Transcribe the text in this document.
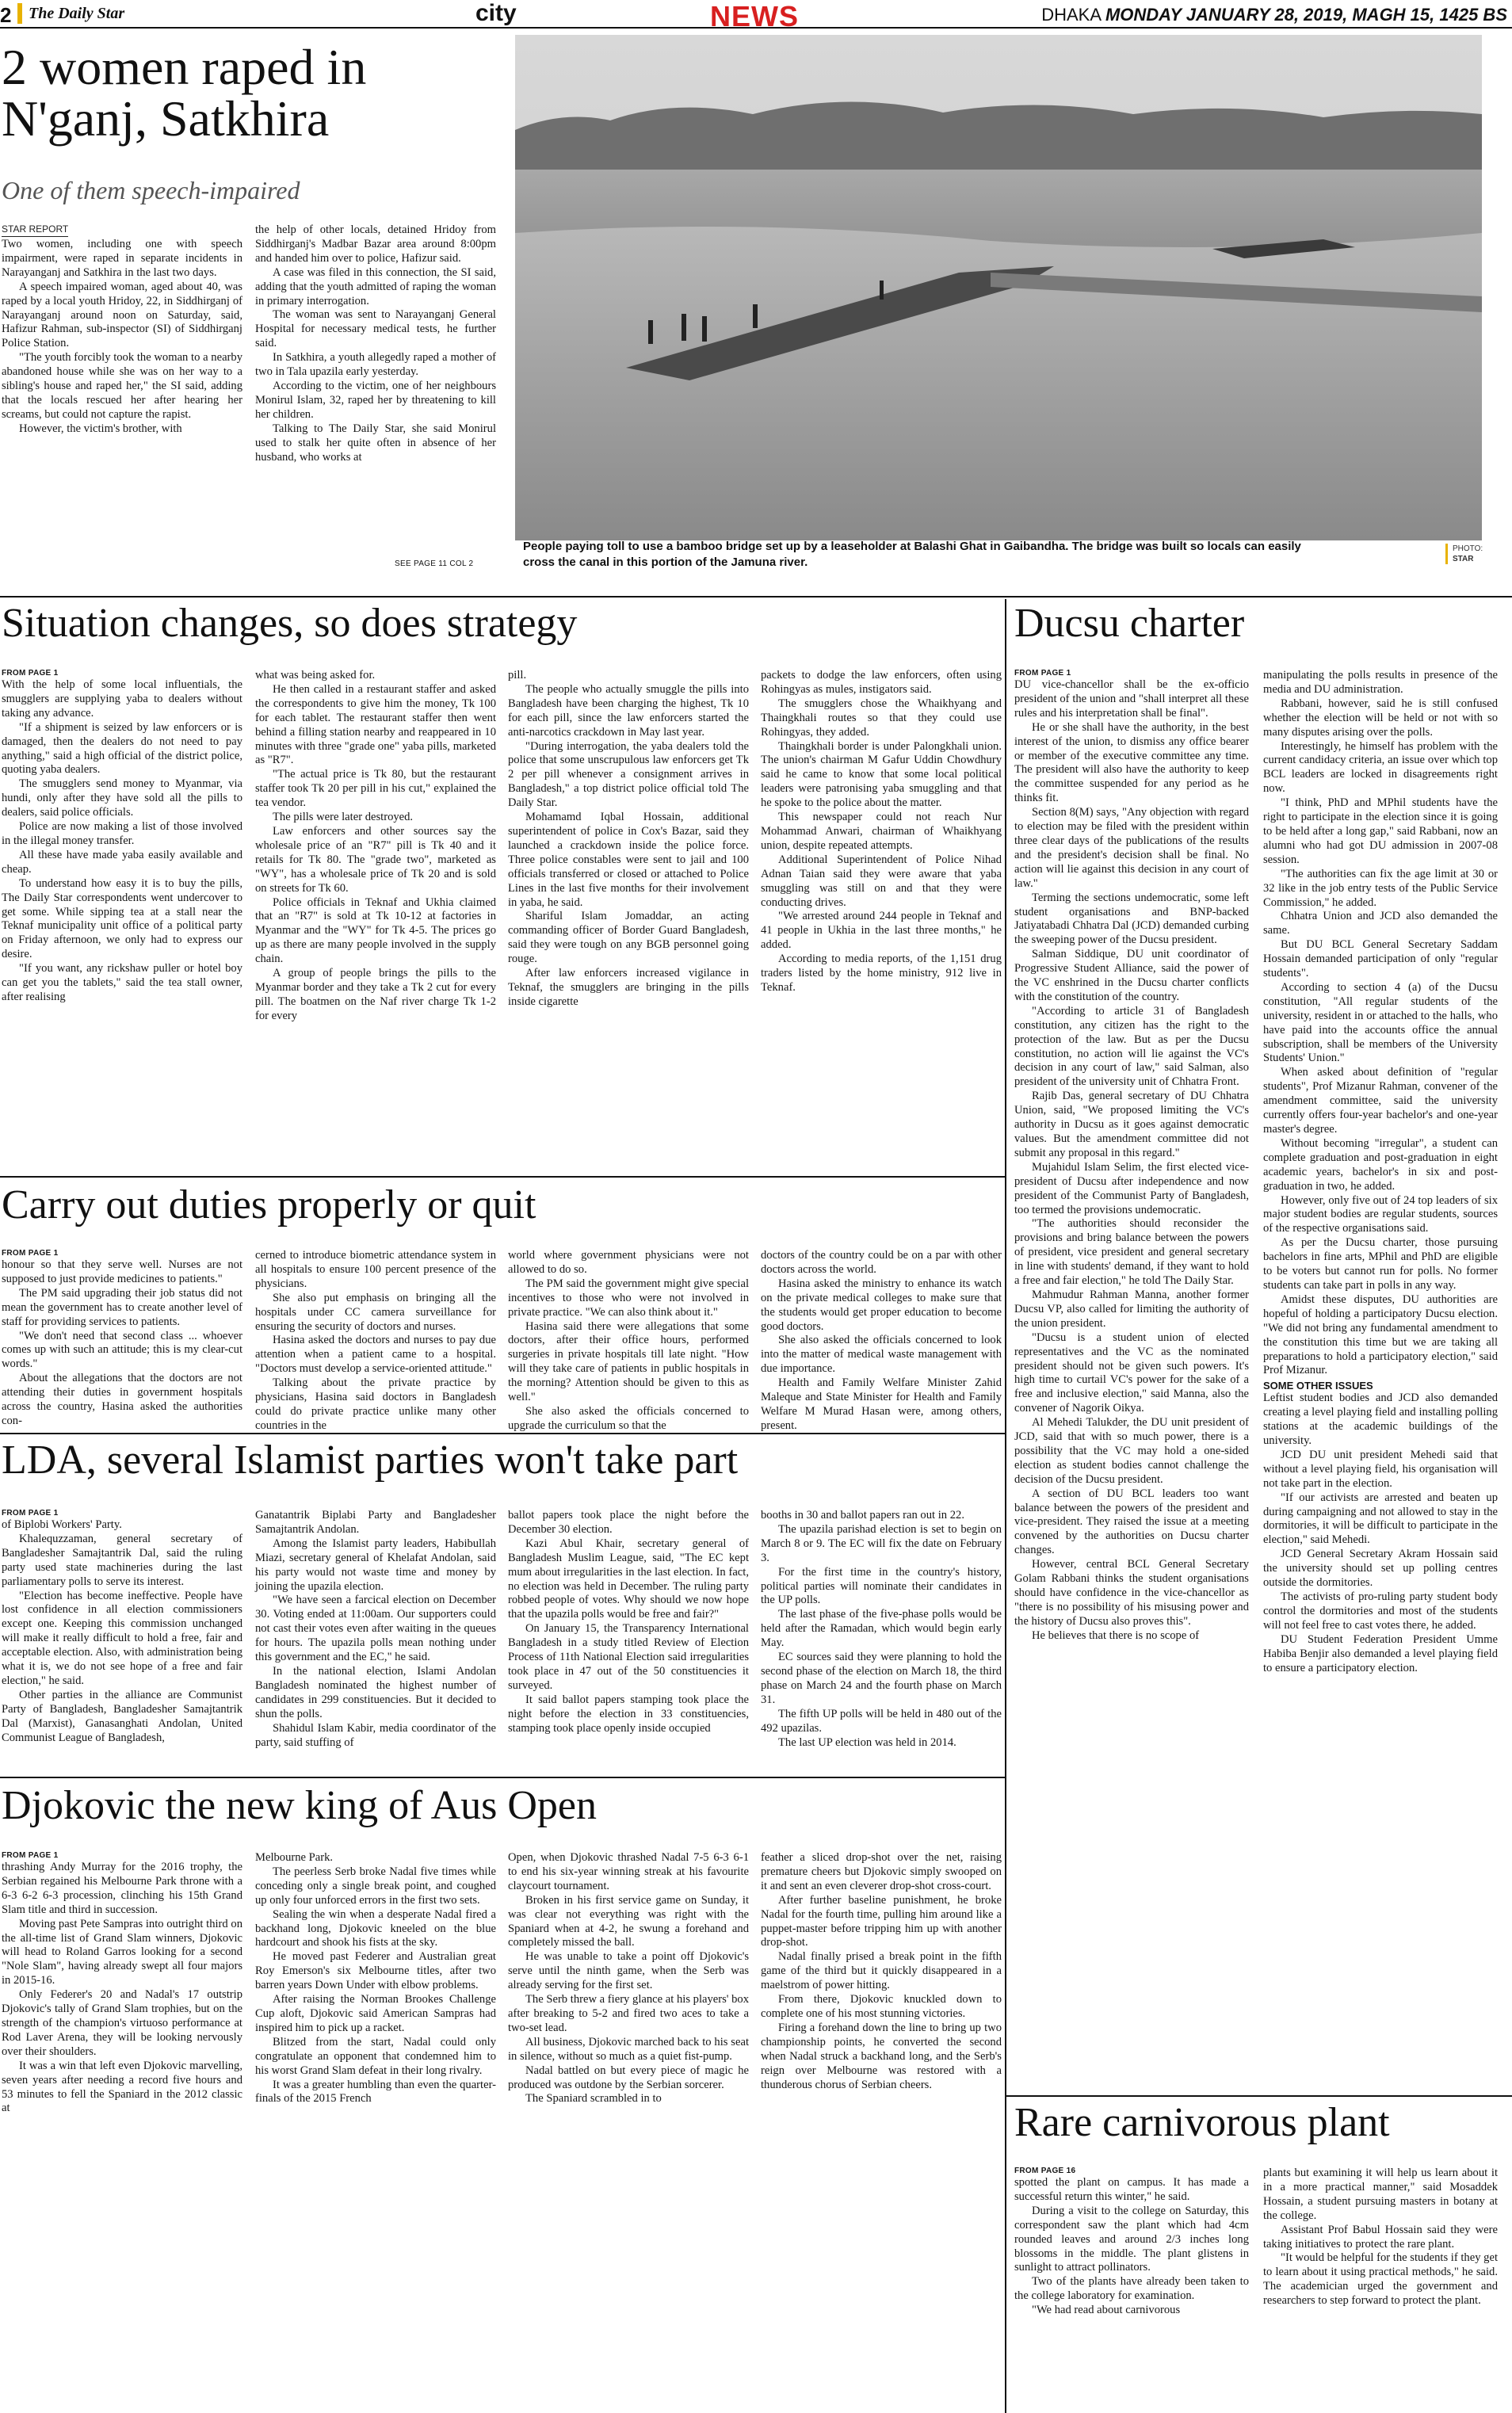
2 The Daily Star	city	NEWS	DHAKA MONDAY JANUARY 28, 2019, MAGH 15, 1425 BS
2 women raped in N'ganj, Satkhira
One of them speech-impaired
STAR REPORT

Two women, including one with speech impairment, were raped in separate incidents in Narayanganj and Satkhira in the last two days.

A speech impaired woman, aged about 40, was raped by a local youth Hridoy, 22, in Siddhirganj of Narayanganj around noon on Saturday, said, Hafizur Rahman, sub-inspector (SI) of Siddhirganj Police Station.

"The youth forcibly took the woman to a nearby abandoned house while she was on her way to a sibling's house and raped her," the SI said, adding that the locals rescued her after hearing her screams, but could not capture the rapist.

However, the victim's brother, with

the help of other locals, detained Hridoy from Siddhirganj's Madbar Bazar area around 8:00pm and handed him over to police, Hafizur said.

A case was filed in this connection, the SI said, adding that the youth admitted of raping the woman in primary interrogation.

The woman was sent to Narayanganj General Hospital for necessary medical tests, he further said.

In Satkhira, a youth allegedly raped a mother of two in Tala upazila early yesterday.

According to the victim, one of her neighbours Monirul Islam, 32, raped her by threatening to kill her children.

Talking to The Daily Star, she said Monirul used to stalk her quite often in absence of her husband, who works at

SEE PAGE 11 COL 2
People paying toll to use a bamboo bridge set up by a leaseholder at Balashi Ghat in Gaibandha. The bridge was built so locals can easily cross the canal in this portion of the Jamuna river.
PHOTO:
STAR
Situation changes, so does strategy
FROM PAGE 1

With the help of some local influentials, the smugglers are supplying yaba to dealers without taking any advance.

"If a shipment is seized by law enforcers or is damaged, then the dealers do not need to pay anything," said a high official of the district police, quoting yaba dealers.

The smugglers send money to Myanmar, via hundi, only after they have sold all the pills to dealers, said police officials.

Police are now making a list of those involved in the illegal money transfer.

All these have made yaba easily available and cheap.

To understand how easy it is to buy the pills, The Daily Star correspondents went undercover to get some. While sipping tea at a stall near the Teknaf municipality unit office of a political party on Friday afternoon, we only had to express our desire.

"If you want, any rickshaw puller or hotel boy can get you the tablets," said the tea stall owner, after realising

what was being asked for.

He then called in a restaurant staffer and asked the correspondents to give him the money, Tk 100 for each tablet. The restaurant staffer then went behind a filling station nearby and reappeared in 10 minutes with three "grade one" yaba pills, marketed as "R7".

"The actual price is Tk 80, but the restaurant staffer took Tk 20 per pill in his cut," explained the tea vendor.

The pills were later destroyed.

Law enforcers and other sources say the wholesale price of an "R7" pill is Tk 40 and it retails for Tk 80. The "grade two", marketed as "WY", has a wholesale price of Tk 20 and is sold on streets for Tk 60.

Police officials in Teknaf and Ukhia claimed that an "R7" is sold at Tk 10-12 at factories in Myanmar and the "WY" for Tk 4-5. The prices go up as there are many people involved in the supply chain.

A group of people brings the pills to the Myanmar border and they take a Tk 2 cut for every pill. The boatmen on the Naf river charge Tk 1-2 for every

pill.

The people who actually smuggle the pills into Bangladesh have been charging the highest, Tk 10 for each pill, since the law enforcers started the anti-narcotics crackdown in May last year.

"During interrogation, the yaba dealers told the police that some unscrupulous law enforcers get Tk 2 per pill whenever a consignment arrives in Bangladesh," a top district police official told The Daily Star.

Mohamamd Iqbal Hossain, additional superintendent of police in Cox's Bazar, said they launched a crackdown inside the police force. Three police constables were sent to jail and 100 officials transferred or closed or attached to Police Lines in the last five months for their involvement in yaba, he said.

Shariful Islam Jomaddar, an acting commanding officer of Border Guard Bangladesh, said they were tough on any BGB personnel going rouge.

After law enforcers increased vigilance in Teknaf, the smugglers are bringing in the pills inside cigarette

packets to dodge the law enforcers, often using Rohingyas as mules, instigators said.

The smugglers chose the Whaikhyang and Thaingkhali routes so that they could use Rohingyas, they added.

Thaingkhali border is under Palongkhali union. The union's chairman M Gafur Uddin Chowdhury said he came to know that some local political leaders were patronising yaba smuggling and that he spoke to the police about the matter.

This newspaper could not reach Nur Mohammad Anwari, chairman of Whaikhyang union, despite repeated attempts.

Additional Superintendent of Police Nihad Adnan Taian said they were aware that yaba smuggling was still on and that they were conducting drives.

"We arrested around 244 people in Teknaf and 41 people in Ukhia in the last three months," he added.

According to media reports, of the 1,151 drug traders listed by the home ministry, 912 live in Teknaf.

Carry out duties properly or quit
FROM PAGE 1

honour so that they serve well. Nurses are not supposed to just provide medicines to patients."

The PM said upgrading their job status did not mean the government has to create another level of staff for providing services to patients.

"We don't need that second class ... whoever comes up with such an attitude; this is my clear-cut words."

About the allegations that the doctors are not attending their duties in government hospitals across the country, Hasina asked the authorities con-

cerned to introduce biometric attendance system in all hospitals to ensure 100 percent presence of the physicians.

She also put emphasis on bringing all the hospitals under CC camera surveillance for ensuring the security of doctors and nurses.

Hasina asked the doctors and nurses to pay due attention when a patient came to a hospital. "Doctors must develop a service-oriented attitude."

Talking about the private practice by physicians, Hasina said doctors in Bangladesh could do private practice unlike many other countries in the

world where government physicians were not allowed to do so.

The PM said the government might give special incentives to those who were not involved in private practice. "We can also think about it."

Hasina said there were allegations that some doctors, after their office hours, performed surgeries in private hospitals till late night. "How will they take care of patients in public hospitals in the morning? Attention should be given to this as well."

She also asked the officials concerned to upgrade the curriculum so that the

doctors of the country could be on a par with other doctors across the world.

Hasina asked the ministry to enhance its watch on the private medical colleges to make sure that the students would get proper education to become good doctors.

She also asked the officials concerned to look into the matter of medical waste management with due importance.

Health and Family Welfare Minister Zahid Maleque and State Minister for Health and Family Welfare M Murad Hasan were, among others, present.

LDA, several Islamist parties won't take part
FROM PAGE 1

of Biplobi Workers' Party.

Khalequzzaman, general secretary of Bangladesher Samajtantrik Dal, said the ruling party used state machineries during the last parliamentary polls to serve its interest.

"Election has become ineffective. People have lost confidence in all election commissioners except one. Keeping this commission unchanged will make it really difficult to hold a free, fair and acceptable election. Also, with administration being what it is, we do not see hope of a free and fair election," he said.

Other parties in the alliance are Communist Party of Bangladesh, Bangladesher Samajtantrik Dal (Marxist), Ganasanghati Andolan, United Communist League of Bangladesh,

Ganatantrik Biplabi Party and Bangladesher Samajtantrik Andolan.

Among the Islamist party leaders, Habibullah Miazi, secretary general of Khelafat Andolan, said his party would not waste time and money by joining the upazila election.

"We have seen a farcical election on December 30. Voting ended at 11:00am. Our supporters could not cast their votes even after waiting in the queues for hours. The upazila polls mean nothing under this government and the EC," he said.

In the national election, Islami Andolan Bangladesh nominated the highest number of candidates in 299 constituencies. But it decided to shun the polls.

Shahidul Islam Kabir, media coordinator of the party, said stuffing of

ballot papers took place the night before the December 30 election.

Kazi Abul Khair, secretary general of Bangladesh Muslim League, said, "The EC kept mum about irregularities in the last election. In fact, no election was held in December. The ruling party robbed people of votes. Why should we now hope that the upazila polls would be free and fair?"

On January 15, the Transparency International Bangladesh in a study titled Review of Election Process of 11th National Election said irregularities took place in 47 out of the 50 constituencies it surveyed.

It said ballot papers stamping took place the night before the election in 33 constituencies, stamping took place openly inside occupied

booths in 30 and ballot papers ran out in 22.

The upazila parishad election is set to begin on March 8 or 9. The EC will fix the date on February 3.

For the first time in the country's history, political parties will nominate their candidates in the UP polls.

The last phase of the five-phase polls would be held after the Ramadan, which would begin early May.

EC sources said they were planning to hold the second phase of the election on March 18, the third phase on March 24 and the fourth phase on March 31.

The fifth UP polls will be held in 480 out of the 492 upazilas.

The last UP election was held in 2014.

Djokovic the new king of Aus Open
FROM PAGE 1

thrashing Andy Murray for the 2016 trophy, the Serbian regained his Melbourne Park throne with a 6-3 6-2 6-3 procession, clinching his 15th Grand Slam title and third in succession.

Moving past Pete Sampras into outright third on the all-time list of Grand Slam winners, Djokovic will head to Roland Garros looking for a second "Nole Slam", having already swept all four majors in 2015-16.

Only Federer's 20 and Nadal's 17 outstrip Djokovic's tally of Grand Slam trophies, but on the strength of the champion's virtuoso performance at Rod Laver Arena, they will be looking nervously over their shoulders.

It was a win that left even Djokovic marvelling, seven years after needing a record five hours and 53 minutes to fell the Spaniard in the 2012 classic at

Melbourne Park.

The peerless Serb broke Nadal five times while conceding only a single break point, and coughed up only four unforced errors in the first two sets.

Sealing the win when a desperate Nadal fired a backhand long, Djokovic kneeled on the blue hardcourt and shook his fists at the sky.

He moved past Federer and Australian great Roy Emerson's six Melbourne titles, after two barren years Down Under with elbow problems.

After raising the Norman Brookes Challenge Cup aloft, Djokovic said American Sampras had inspired him to pick up a racket.

Blitzed from the start, Nadal could only congratulate an opponent that condemned him to his worst Grand Slam defeat in their long rivalry.

It was a greater humbling than even the quarter-finals of the 2015 French

Open, when Djokovic thrashed Nadal 7-5 6-3 6-1 to end his six-year winning streak at his favourite claycourt tournament.

Broken in his first service game on Sunday, it was clear not everything was right with the Spaniard when at 4-2, he swung a forehand and completely missed the ball.

He was unable to take a point off Djokovic's serve until the ninth game, when the Serb was already serving for the first set.

The Serb threw a fiery glance at his players' box after breaking to 5-2 and fired two aces to take a two-set lead.

All business, Djokovic marched back to his seat in silence, without so much as a quiet fist-pump.

Nadal battled on but every piece of magic he produced was outdone by the Serbian sorcerer.

The Spaniard scrambled in to

feather a sliced drop-shot over the net, raising premature cheers but Djokovic simply swooped on it and sent an even cleverer drop-shot cross-court.

After further baseline punishment, he broke Nadal for the fourth time, pulling him around like a puppet-master before tripping him up with another drop-shot.

Nadal finally prised a break point in the fifth game of the third but it quickly disappeared in a maelstrom of power hitting.

From there, Djokovic knuckled down to complete one of his most stunning victories.

Firing a forehand down the line to bring up two championship points, he converted the second when Nadal struck a backhand long, and the Serb's reign over Melbourne was restored with a thunderous chorus of Serbian cheers.

Ducsu charter
FROM PAGE 1

DU vice-chancellor shall be the ex-officio president of the union and "shall interpret all these rules and his interpretation shall be final".

He or she shall have the authority, in the best interest of the union, to dismiss any office bearer or member of the executive committee any time. The president will also have the authority to keep the committee suspended for any period as he thinks fit.

Section 8(M) says, "Any objection with regard to election may be filed with the president within three clear days of the publications of the results and the president's decision shall be final. No action will lie against this decision in any court of law."

Terming the sections undemocratic, some left student organisations and BNP-backed Jatiyatabadi Chhatra Dal (JCD) demanded curbing the sweeping power of the Ducsu president.

Salman Siddique, DU unit coordinator of Progressive Student Alliance, said the power of the VC enshrined in the Ducsu charter conflicts with the constitution of the country.

"According to article 31 of Bangladesh constitution, any citizen has the right to the protection of the law. But as per the Ducsu constitution, no action will lie against the VC's decision in any court of law," said Salman, also president of the university unit of Chhatra Front.

Rajib Das, general secretary of DU Chhatra Union, said, "We proposed limiting the VC's authority in Ducsu as it goes against democratic values. But the amendment committee did not submit any proposal in this regard."

Mujahidul Islam Selim, the first elected vice-president of Ducsu after independence and now president of the Communist Party of Bangladesh, too termed the provisions undemocratic.

"The authorities should reconsider the provisions and bring balance between the powers of president, vice president and general secretary in line with students' demand, if they want to hold a free and fair election," he told The Daily Star.

Mahmudur Rahman Manna, another former Ducsu VP, also called for limiting the authority of the union president.

"Ducsu is a student union of elected representatives and the VC as the nominated president should not be given such powers. It's high time to curtail VC's power for the sake of a free and inclusive election," said Manna, also the convener of Nagorik Oikya.

Al Mehedi Talukder, the DU unit president of JCD, said that with so much power, there is a possibility that the VC may hold a one-sided election as student bodies cannot challenge the decision of the Ducsu president.

A section of DU BCL leaders too want balance between the powers of the president and vice-president. They raised the issue at a meeting convened by the authorities on Ducsu charter changes.

However, central BCL General Secretary Golam Rabbani thinks the student organisations should have confidence in the vice-chancellor as "there is no possibility of his misusing power and the history of Ducsu also proves this".

He believes that there is no scope of

manipulating the polls results in presence of the media and DU administration.

Rabbani, however, said he is still confused whether the election will be held or not with so many disputes arising over the polls.

Interestingly, he himself has problem with the current candidacy criteria, an issue over which top BCL leaders are locked in disagreements right now.

"I think, PhD and MPhil students have the right to participate in the election since it is going to be held after a long gap," said Rabbani, now an alumni who had got DU admission in 2007-08 session.

"The authorities can fix the age limit at 30 or 32 like in the job entry tests of the Public Service Commission," he added.

Chhatra Union and JCD also demanded the same.

But DU BCL General Secretary Saddam Hossain demanded participation of only "regular students".

According to section 4 (a) of the Ducsu constitution, "All regular students of the university, resident in or attached to the halls, who have paid into the accounts office the annual subscription, shall be members of the University Students' Union."

When asked about definition of "regular students", Prof Mizanur Rahman, convener of the amendment committee, said the university currently offers four-year bachelor's and one-year master's degree.

Without becoming "irregular", a student can complete graduation and post-graduation in eight academic years, bachelor's in six and post-graduation in two, he added.

However, only five out of 24 top leaders of six major student bodies are regular students, sources of the respective organisations said.

As per the Ducsu charter, those pursuing bachelors in fine arts, MPhil and PhD are eligible to be voters but cannot run for polls. No former students can take part in polls in any way.

Amidst these disputes, DU authorities are hopeful of holding a participatory Ducsu election. "We did not bring any fundamental amendment to the constitution this time but we are taking all preparations to hold a participatory election," said Prof Mizanur.

SOME OTHER ISSUES

Leftist student bodies and JCD also demanded creating a level playing field and installing polling stations at the academic buildings of the university.

JCD DU unit president Mehedi said that without a level playing field, his organisation will not take part in the election.

"If our activists are arrested and beaten up during campaigning and not allowed to stay in the dormitories, it will be difficult to participate in the election," said Mehedi.

JCD General Secretary Akram Hossain said the university should set up polling centres outside the dormitories.

The activists of pro-ruling party student body control the dormitories and most of the students will not feel free to cast votes there, he added.

DU Student Federation President Umme Habiba Benjir also demanded a level playing field to ensure a participatory election.

Rare carnivorous plant
FROM PAGE 16

spotted the plant on campus. It has made a successful return this winter," he said.

During a visit to the college on Saturday, this correspondent saw the plant which had 4cm rounded leaves and around 2/3 inches long blossoms in the middle. The plant glistens in sunlight to attract pollinators.

Two of the plants have already been taken to the college laboratory for examination.

"We had read about carnivorous

plants but examining it will help us learn about it in a more practical manner," said Mosaddek Hossain, a student pursuing masters in botany at the college.

Assistant Prof Babul Hossain said they were taking initiatives to protect the rare plant.

"It would be helpful for the students if they get to learn about it using practical methods," he said. The academician urged the government and researchers to step forward to protect the plant.
